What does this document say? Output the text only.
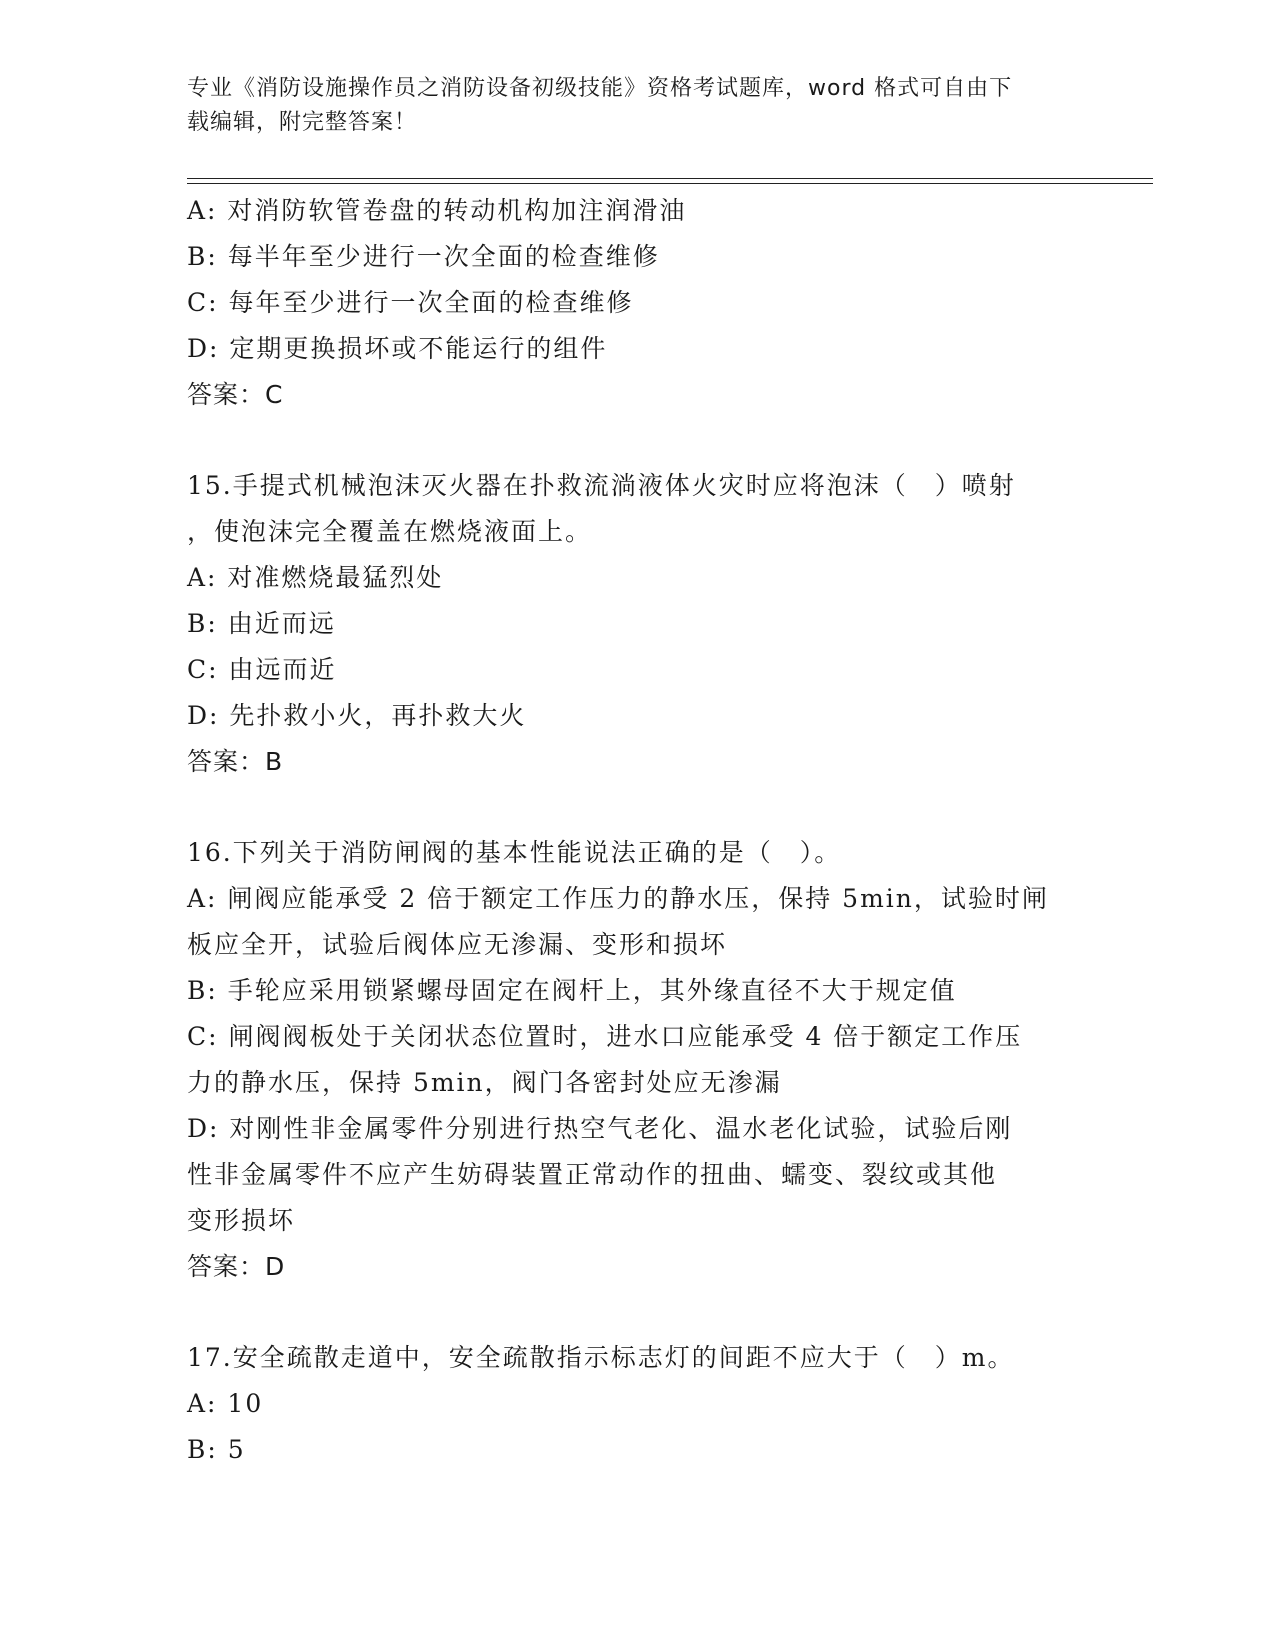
专业《消防设施操作员之消防设备初级技能》资格考试题库，word 格式可自由下
载编辑，附完整答案！
A: 对消防软管卷盘的转动机构加注润滑油
B: 每半年至少进行一次全面的检查维修
C: 每年至少进行一次全面的检查维修
D: 定期更换损坏或不能运行的组件
答案：C
15.手提式机械泡沫灭火器在扑救流淌液体火灾时应将泡沫（　）喷射
，使泡沫完全覆盖在燃烧液面上。
A: 对准燃烧最猛烈处
B: 由近而远
C: 由远而近
D: 先扑救小火，再扑救大火
答案：B
16.下列关于消防闸阀的基本性能说法正确的是（　）。
A: 闸阀应能承受 2 倍于额定工作压力的静水压，保持 5min，试验时闸
板应全开，试验后阀体应无渗漏、变形和损坏
B: 手轮应采用锁紧螺母固定在阀杆上，其外缘直径不大于规定值
C: 闸阀阀板处于关闭状态位置时，进水口应能承受 4 倍于额定工作压
力的静水压，保持 5min，阀门各密封处应无渗漏
D: 对刚性非金属零件分别进行热空气老化、温水老化试验，试验后刚
性非金属零件不应产生妨碍装置正常动作的扭曲、蠕变、裂纹或其他
变形损坏
答案：D
17.安全疏散走道中，安全疏散指示标志灯的间距不应大于（　）m。
A: 10
B: 5
